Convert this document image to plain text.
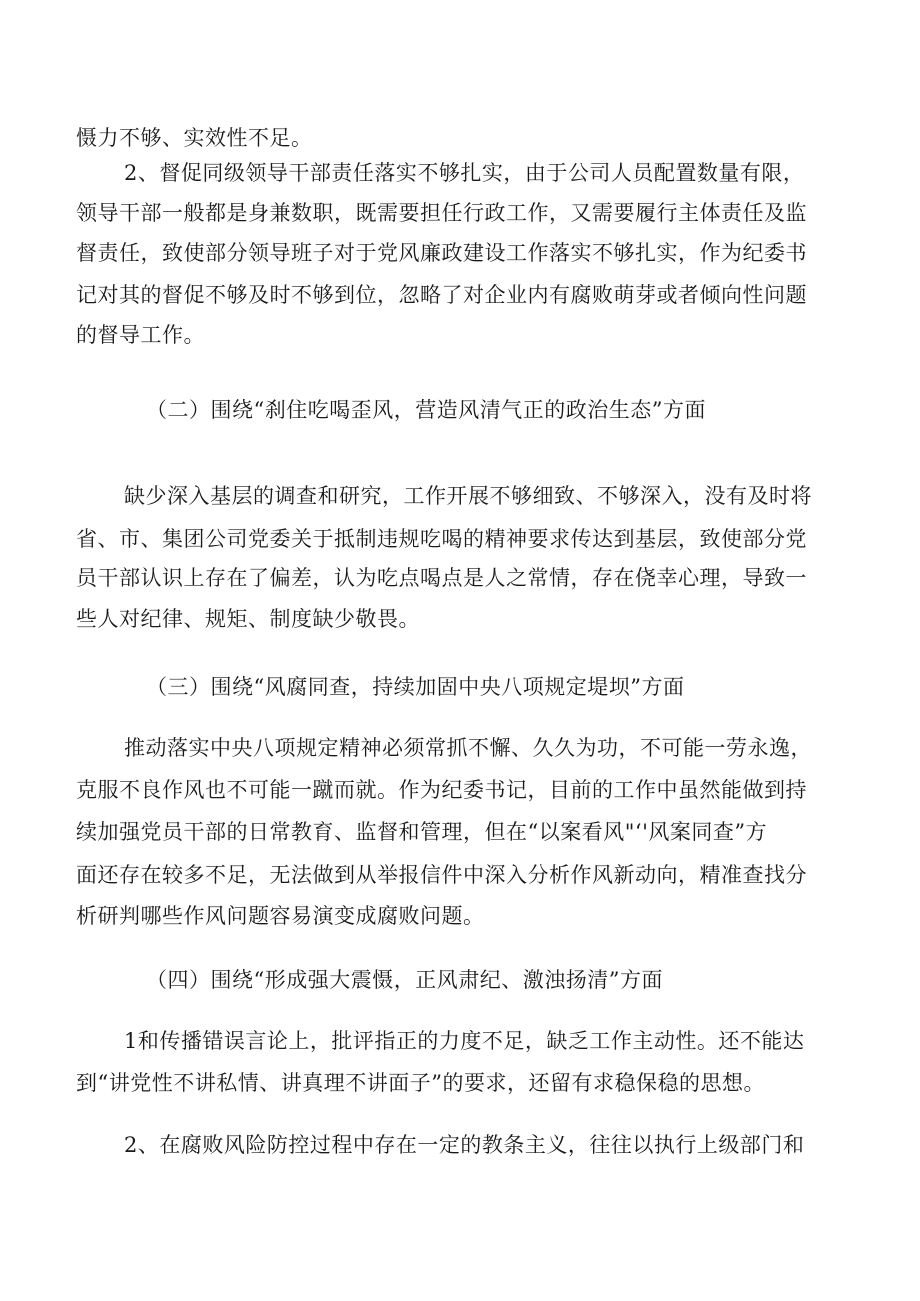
慑力不够、实效性不足。
2、督促同级领导干部责任落实不够扎实，由于公司人员配置数量有限，
领导干部一般都是身兼数职，既需要担任行政工作，又需要履行主体责任及监
督责任，致使部分领导班子对于党风廉政建设工作落实不够扎实，作为纪委书
记对其的督促不够及时不够到位，忽略了对企业内有腐败萌芽或者倾向性问题
的督导工作。
（二）围绕“刹住吃喝歪风，营造风清气正的政治生态”方面
缺少深入基层的调查和研究，工作开展不够细致、不够深入，没有及时将
省、市、集团公司党委关于抵制违规吃喝的精神要求传达到基层，致使部分党
员干部认识上存在了偏差，认为吃点喝点是人之常情，存在侥幸心理，导致一
些人对纪律、规矩、制度缺少敬畏。
（三）围绕“风腐同查，持续加固中央八项规定堤坝”方面
推动落实中央八项规定精神必须常抓不懈、久久为功，不可能一劳永逸，
克服不良作风也不可能一蹴而就。作为纪委书记，目前的工作中虽然能做到持
续加强党员干部的日常教育、监督和管理，但在“以案看风"‘'风案同查”方
面还存在较多不足，无法做到从举报信件中深入分析作风新动向，精准查找分
析研判哪些作风问题容易演变成腐败问题。
（四）围绕“形成强大震慑，正风肃纪、激浊扬清”方面
1和传播错误言论上，批评指正的力度不足，缺乏工作主动性。还不能达
到“讲党性不讲私情、讲真理不讲面子”的要求，还留有求稳保稳的思想。
2、在腐败风险防控过程中存在一定的教条主义，往往以执行上级部门和
